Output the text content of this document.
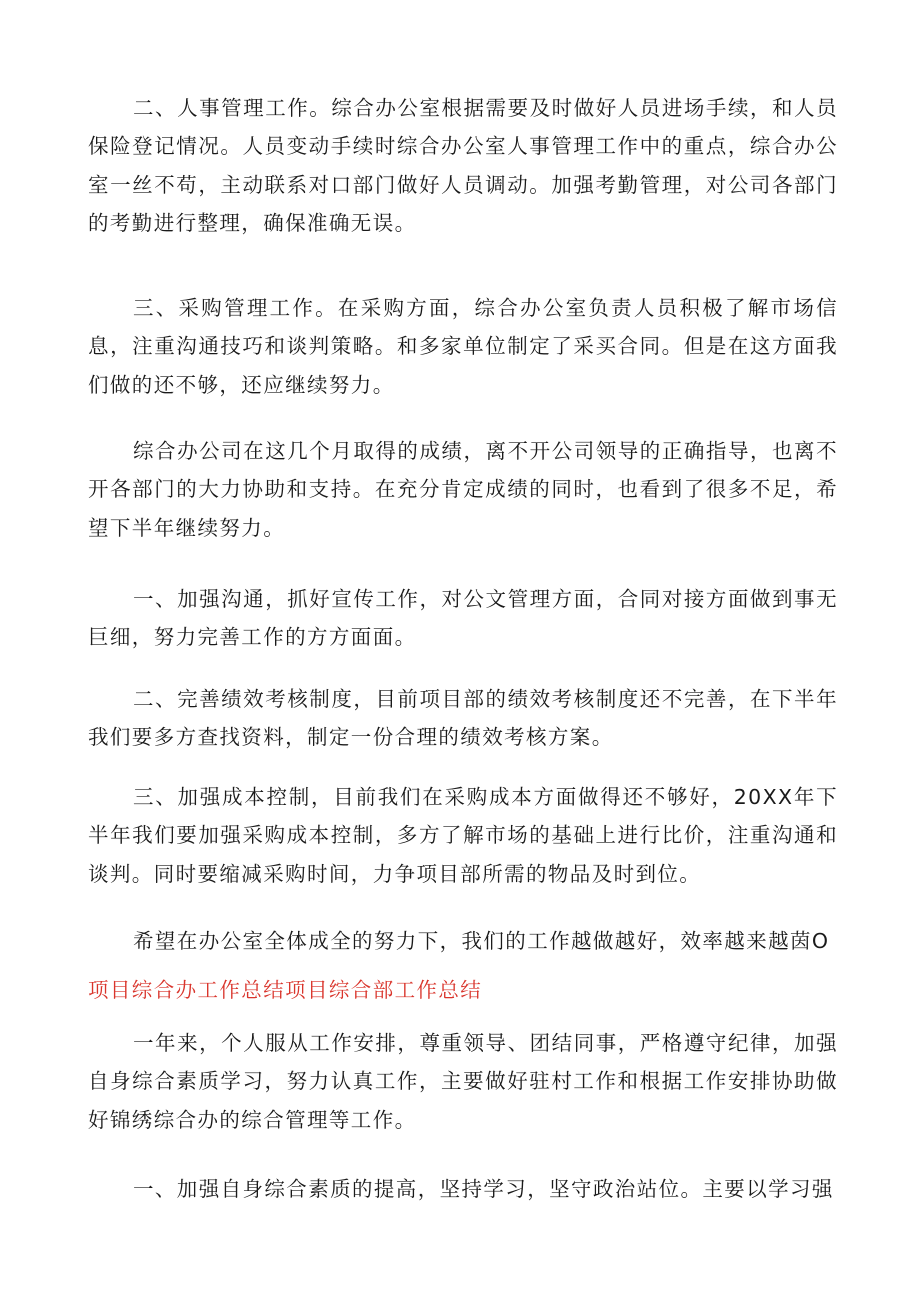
二、人事管理工作。综合办公室根据需要及时做好人员进场手续，和人员保险登记情况。人员变动手续时综合办公室人事管理工作中的重点，综合办公室一丝不苟，主动联系对口部门做好人员调动。加强考勤管理，对公司各部门的考勤进行整理，确保准确无误。

三、采购管理工作。在采购方面，综合办公室负责人员积极了解市场信息，注重沟通技巧和谈判策略。和多家单位制定了采买合同。但是在这方面我们做的还不够，还应继续努力。

综合办公司在这几个月取得的成绩，离不开公司领导的正确指导，也离不开各部门的大力协助和支持。在充分肯定成绩的同时，也看到了很多不足，希望下半年继续努力。

一、加强沟通，抓好宣传工作，对公文管理方面，合同对接方面做到事无巨细，努力完善工作的方方面面。

二、完善绩效考核制度，目前项目部的绩效考核制度还不完善，在下半年我们要多方查找资料，制定一份合理的绩效考核方案。

三、加强成本控制，目前我们在采购成本方面做得还不够好，20XX年下半年我们要加强采购成本控制，多方了解市场的基础上进行比价，注重沟通和谈判。同时要缩减采购时间，力争项目部所需的物品及时到位。

希望在办公室全体成全的努力下，我们的工作越做越好，效率越来越茵O

项目综合办工作总结项目综合部工作总结

一年来，个人服从工作安排，尊重领导、团结同事，严格遵守纪律，加强自身综合素质学习，努力认真工作，主要做好驻村工作和根据工作安排协助做好锦绣综合办的综合管理等工作。

一、加强自身综合素质的提高，坚持学习，坚守政治站位。主要以学习强
